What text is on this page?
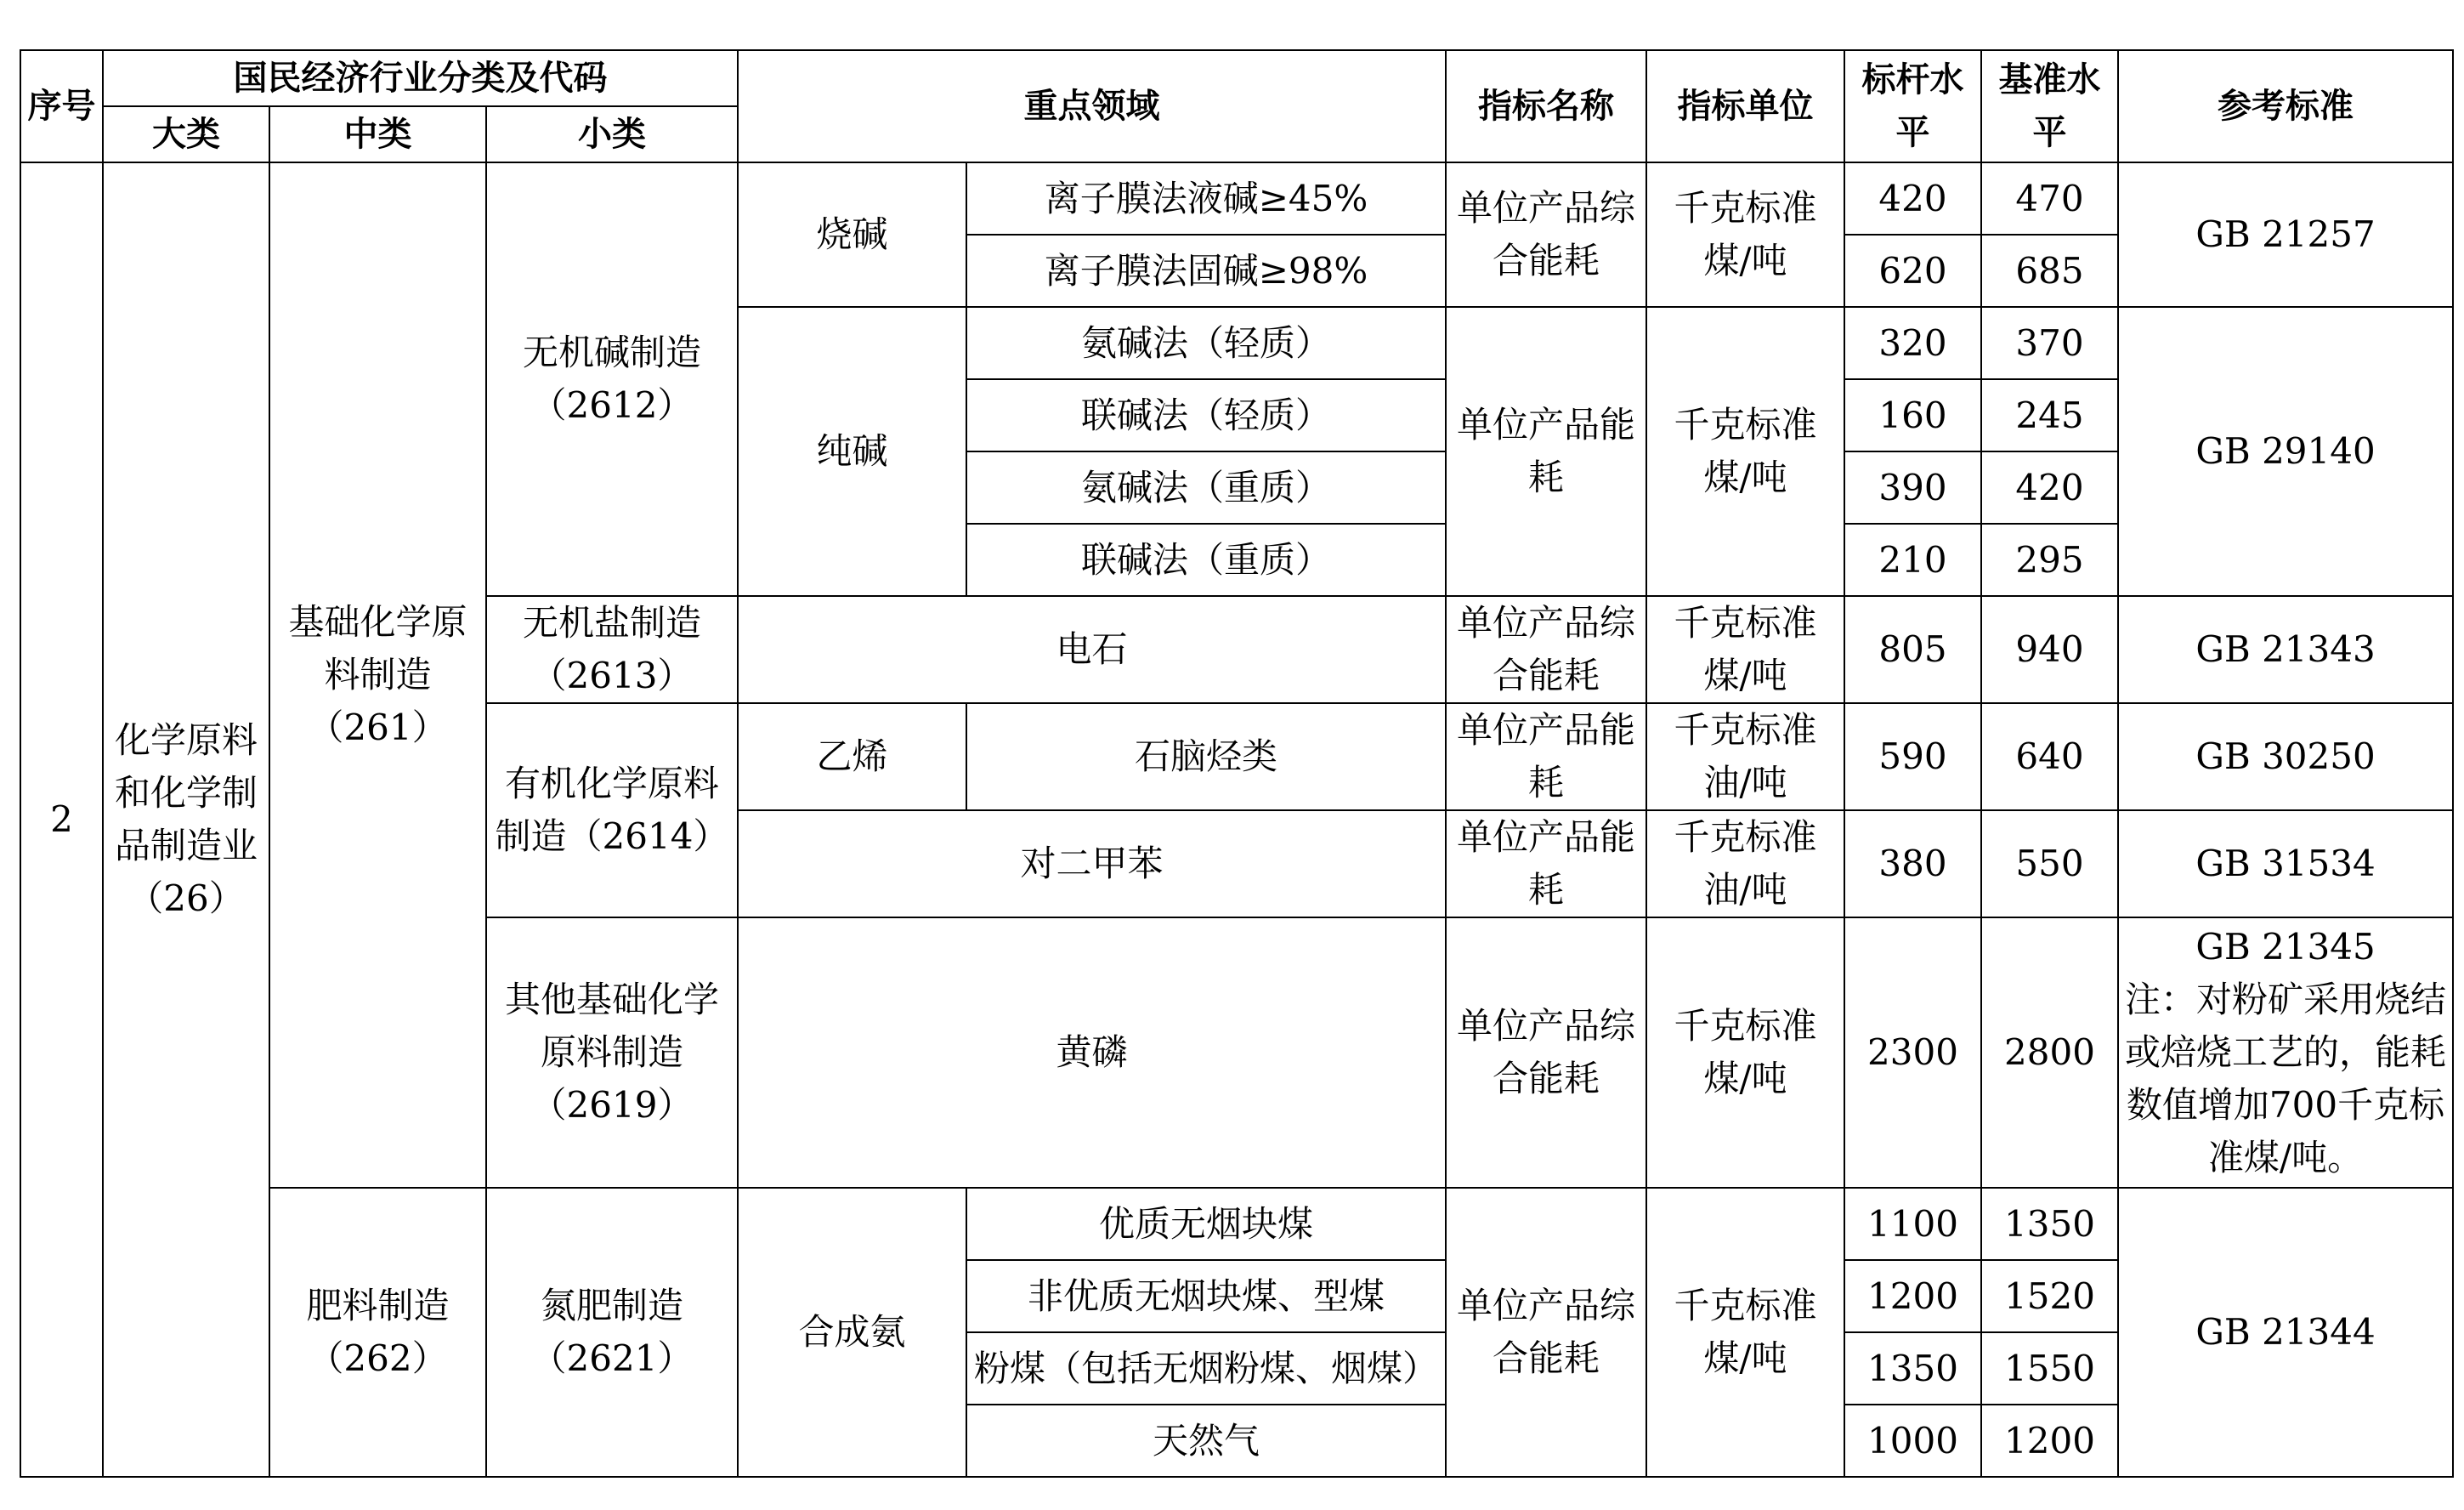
序号	国民经济行业分类及代码			重点领域		指标名称	指标单位	标杆水平	基准水平	参考标准
	大类	中类	小类							
2	化学原料和化学制品制造业（26）	基础化学原料制造（261）	无机碱制造（2612）	烧碱	离子膜法液碱≥45%	单位产品综合能耗	千克标准煤/吨	420	470	GB 21257
					离子膜法固碱≥98%			620	685	
				纯碱	氨碱法（轻质）	单位产品能耗	千克标准煤/吨	320	370	GB 29140
					联碱法（轻质）			160	245	
					氨碱法（重质）			390	420	
					联碱法（重质）			210	295	
			无机盐制造（2613）	电石		单位产品综合能耗	千克标准煤/吨	805	940	GB 21343

			有机化学原料制造（2614）	乙烯	石脑烃类	单位产品能耗	千克标准油/吨	590	640	GB 30250

				对二甲苯		单位产品能耗	千克标准油/吨	380	550	GB 31534

			其他基础化学原料制造（2619）	黄磷		单位产品综合能耗	千克标准煤/吨	2300	2800	GB 21345
注：对粉矿采用烧结或焙烧工艺的，能耗数值增加700千克标准煤/吨。

		肥料制造（262）	氮肥制造（2621）	合成氨	优质无烟块煤	单位产品综合能耗	千克标准煤/吨	1100	1350	GB 21344
					非优质无烟块煤、型煤			1200	1520	
					粉煤（包括无烟粉煤、烟煤）			1350	1550	
					天然气			1000	1200	
